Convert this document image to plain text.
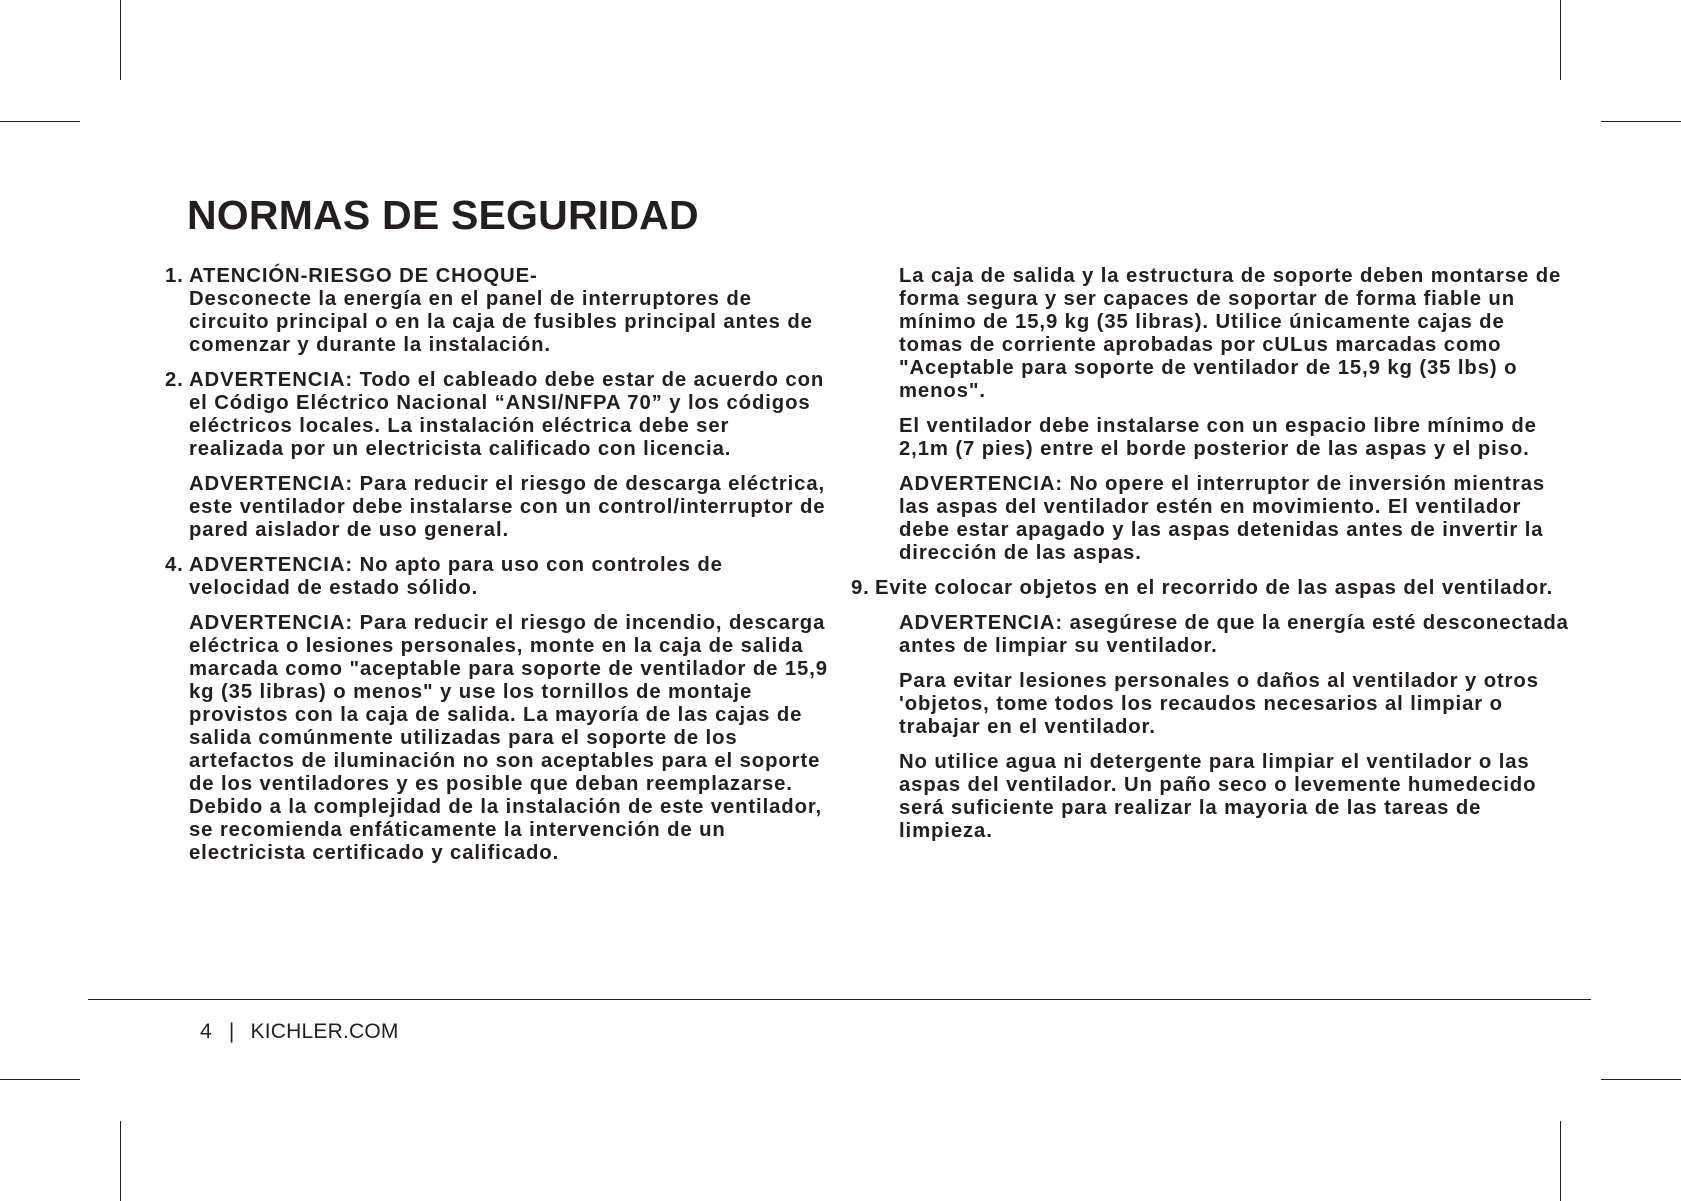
NORMAS DE SEGURIDAD
1. ATENCIÓN-RIESGO DE CHOQUE-
Desconecte la energía en el panel de interruptores de circuito principal o en la caja de fusibles principal antes de comenzar y durante la instalación.
2. ADVERTENCIA: Todo el cableado debe estar de acuerdo con el Código Eléctrico Nacional “ANSI/NFPA 70” y los códigos eléctricos locales. La instalación eléctrica debe ser realizada por un electricista calificado con licencia.

ADVERTENCIA: Para reducir el riesgo de descarga eléctrica, este ventilador debe instalarse con un control/interruptor de pared aislador de uso general.

4. ADVERTENCIA: No apto para uso con controles de velocidad de estado sólido.

ADVERTENCIA: Para reducir el riesgo de incendio, descarga eléctrica o lesiones personales, monte en la caja de salida marcada como "aceptable para soporte de ventilador de 15,9 kg (35 libras) o menos" y use los tornillos de montaje provistos con la caja de salida. La mayoría de las cajas de salida comúnmente utilizadas para el soporte de los artefactos de iluminación no son aceptables para el soporte de los ventiladores y es posible que deban reemplazarse. Debido a la complejidad de la instalación de este ventilador, se recomienda enfáticamente la intervención de un electricista certificado y calificado.

La caja de salida y la estructura de soporte deben montarse de forma segura y ser capaces de soportar de forma fiable un mínimo de 15,9 kg (35 libras). Utilice únicamente cajas de tomas de corriente aprobadas por cULus marcadas como "Aceptable para soporte de ventilador de 15,9 kg (35 lbs) o menos".

El ventilador debe instalarse con un espacio libre mínimo de 2,1m (7 pies) entre el borde posterior de las aspas y el piso.

ADVERTENCIA: No opere el interruptor de inversión mientras las aspas del ventilador estén en movimiento. El ventilador debe estar apagado y las aspas detenidas antes de invertir la dirección de las aspas.

9. Evite colocar objetos en el recorrido de las aspas del ventilador.

ADVERTENCIA: asegúrese de que la energía esté desconectada antes de limpiar su ventilador.

Para evitar lesiones personales o daños al ventilador y otros 'objetos, tome todos los recaudos necesarios al limpiar o trabajar en el ventilador.

No utilice agua ni detergente para limpiar el ventilador o las aspas del ventilador. Un paño seco o levemente humedecido será suficiente para realizar la mayoria de las tareas de limpieza.

4 | KICHLER.COM
